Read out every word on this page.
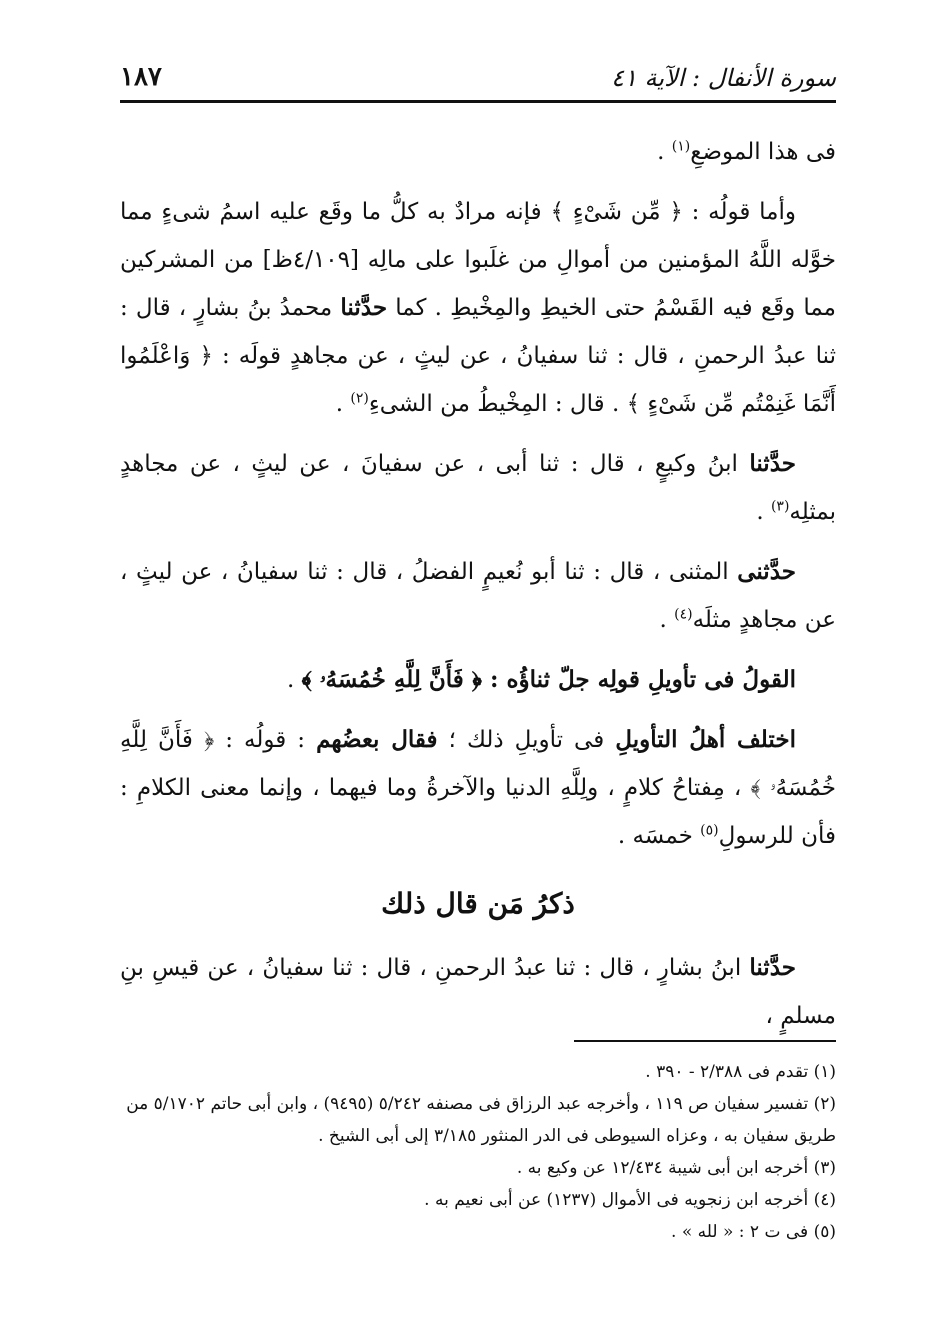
سورة الأنفال : الآية ٤١
١٨٧

فى هذا الموضعِ$^{(١)}$ .

وأما قولُه : ﴿ مِّن شَىْءٍ ﴾ فإنه مرادٌ به كلُّ ما وقَع عليه اسمُ شىءٍ مما خوَّله اللَّهُ المؤمنين من أموالِ من غلَبوا على مالِه [٤/١٠٩ظ] من المشركين مما وقَع فيه القَسْمُ حتى الخيطِ والمِخْيطِ . كما حدَّثنا محمدُ بنُ بشارٍ ، قال : ثنا عبدُ الرحمنِ ، قال : ثنا سفيانُ ، عن ليثٍ ، عن مجاهدٍ قولَه : ﴿ وَاعْلَمُوا أَنَّمَا غَنِمْتُم مِّن شَىْءٍ ﴾ . قال : المِخْيطُ من الشىءِ$^{(٢)}$ .

حدَّثنا ابنُ وكيعٍ ، قال : ثنا أبى ، عن سفيانَ ، عن ليثٍ ، عن مجاهدٍ بمثلِه$^{(٣)}$ .

حدَّثنى المثنى ، قال : ثنا أبو نُعيمٍ الفضلُ ، قال : ثنا سفيانُ ، عن ليثٍ ، عن مجاهدٍ مثلَه$^{(٤)}$ .

القولُ فى تأويلِ قولِه جلّ ثناؤُه : ﴿ فَأَنَّ لِلَّهِ خُمُسَهُۥ ﴾ .

اختلف أهلُ التأويلِ فى تأويلِ ذلك ؛ فقال بعضُهم : قولُه : ﴿ فَأَنَّ لِلَّهِ خُمُسَهُۥ ﴾ ، مِفتاحُ كلامٍ ، ولِلَّهِ الدنيا والآخرةُ وما فيهما ، وإنما معنى الكلامِ : فأن للرسولِ$^{(٥)}$ خمسَه .

ذكرُ مَن قال ذلك

حدَّثنا ابنُ بشارٍ ، قال : ثنا عبدُ الرحمنِ ، قال : ثنا سفيانُ ، عن قيسِ بنِ مسلمٍ ،

(١) تقدم فى ٢/٣٨٨ - ٣٩٠ .

(٢) تفسير سفيان ص ١١٩ ، وأخرجه عبد الرزاق فى مصنفه ٥/٢٤٢ (٩٤٩٥) ، وابن أبى حاتم ٥/١٧٠٢ من طريق سفيان به ، وعزاه السيوطى فى الدر المنثور ٣/١٨٥ إلى أبى الشيخ .

(٣) أخرجه ابن أبى شيبة ١٢/٤٣٤ عن وكيع به .

(٤) أخرجه ابن زنجويه فى الأموال (١٢٣٧) عن أبى نعيم به .

(٥) فى ت ٢ : « لله » .
